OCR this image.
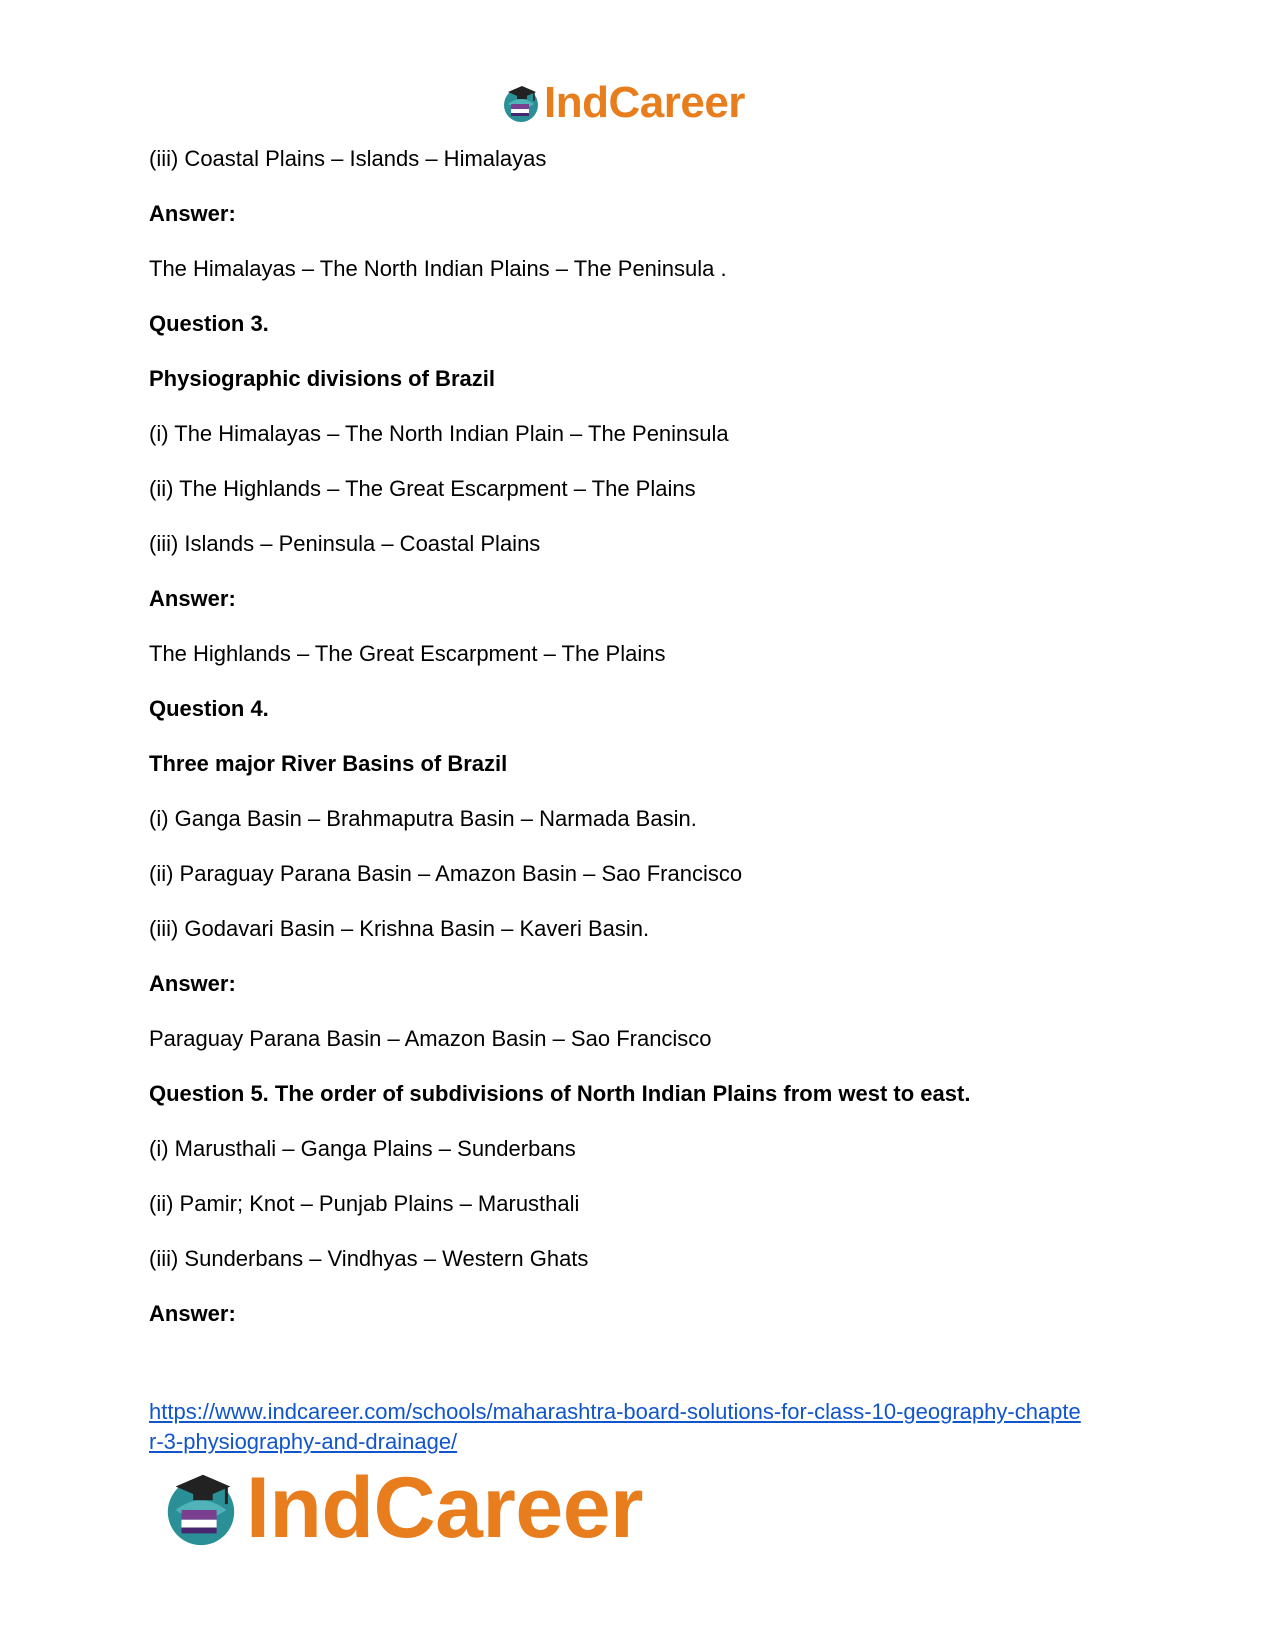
IndCareer
(iii) Coastal Plains – Islands – Himalayas
Answer:
The Himalayas – The North Indian Plains – The Peninsula .
Question 3.
Physiographic divisions of Brazil
(i) The Himalayas – The North Indian Plain – The Peninsula
(ii) The Highlands – The Great Escarpment – The Plains
(iii) Islands – Peninsula – Coastal Plains
Answer:
The Highlands – The Great Escarpment – The Plains
Question 4.
Three major River Basins of Brazil
(i) Ganga Basin – Brahmaputra Basin – Narmada Basin.
(ii) Paraguay Parana Basin – Amazon Basin – Sao Francisco
(iii) Godavari Basin – Krishna Basin – Kaveri Basin.
Answer:
Paraguay Parana Basin – Amazon Basin – Sao Francisco
Question 5. The order of subdivisions of North Indian Plains from west to east.
(i) Marusthali – Ganga Plains – Sunderbans
(ii) Pamir; Knot – Punjab Plains – Marusthali
(iii) Sunderbans – Vindhyas – Western Ghats
Answer:
https://www.indcareer.com/schools/maharashtra-board-solutions-for-class-10-geography-chapte
r-3-physiography-and-drainage/
IndCareer
